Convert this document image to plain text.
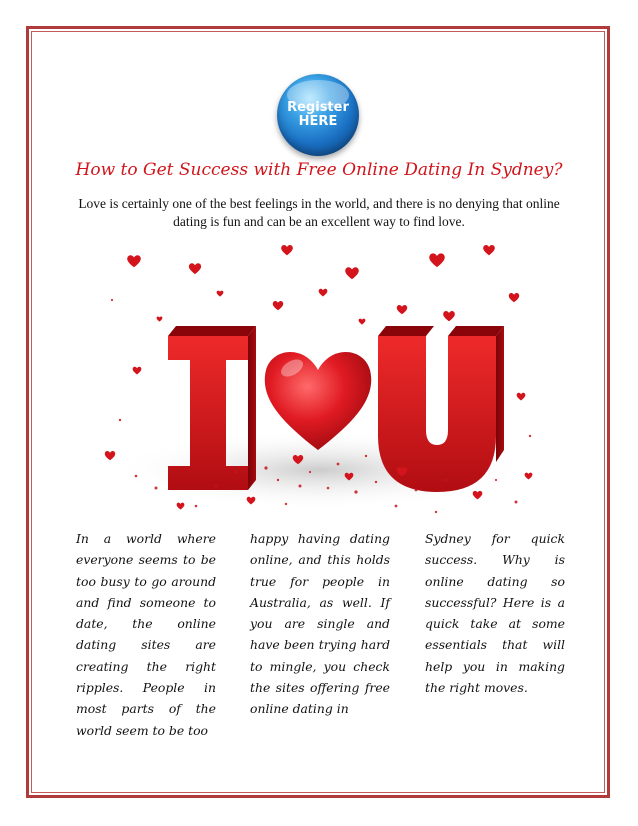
Register
HERE
How to Get Success with Free Online Dating In Sydney?

Love is certainly one of the best feelings in the world, and there is no denying that online dating is fun and can be an excellent way to find love.

In a world where everyone seems to be too busy to go around and find someone to date, the online dating sites are creating the right ripples. People in most parts of the world seem to be too

happy having dating online, and this holds true for people in Australia, as well. If you are single and have been trying hard to mingle, you check the sites offering free online dating in

Sydney for quick success. Why is online dating so successful? Here is a quick take at some essentials that will help you in making the right moves.
